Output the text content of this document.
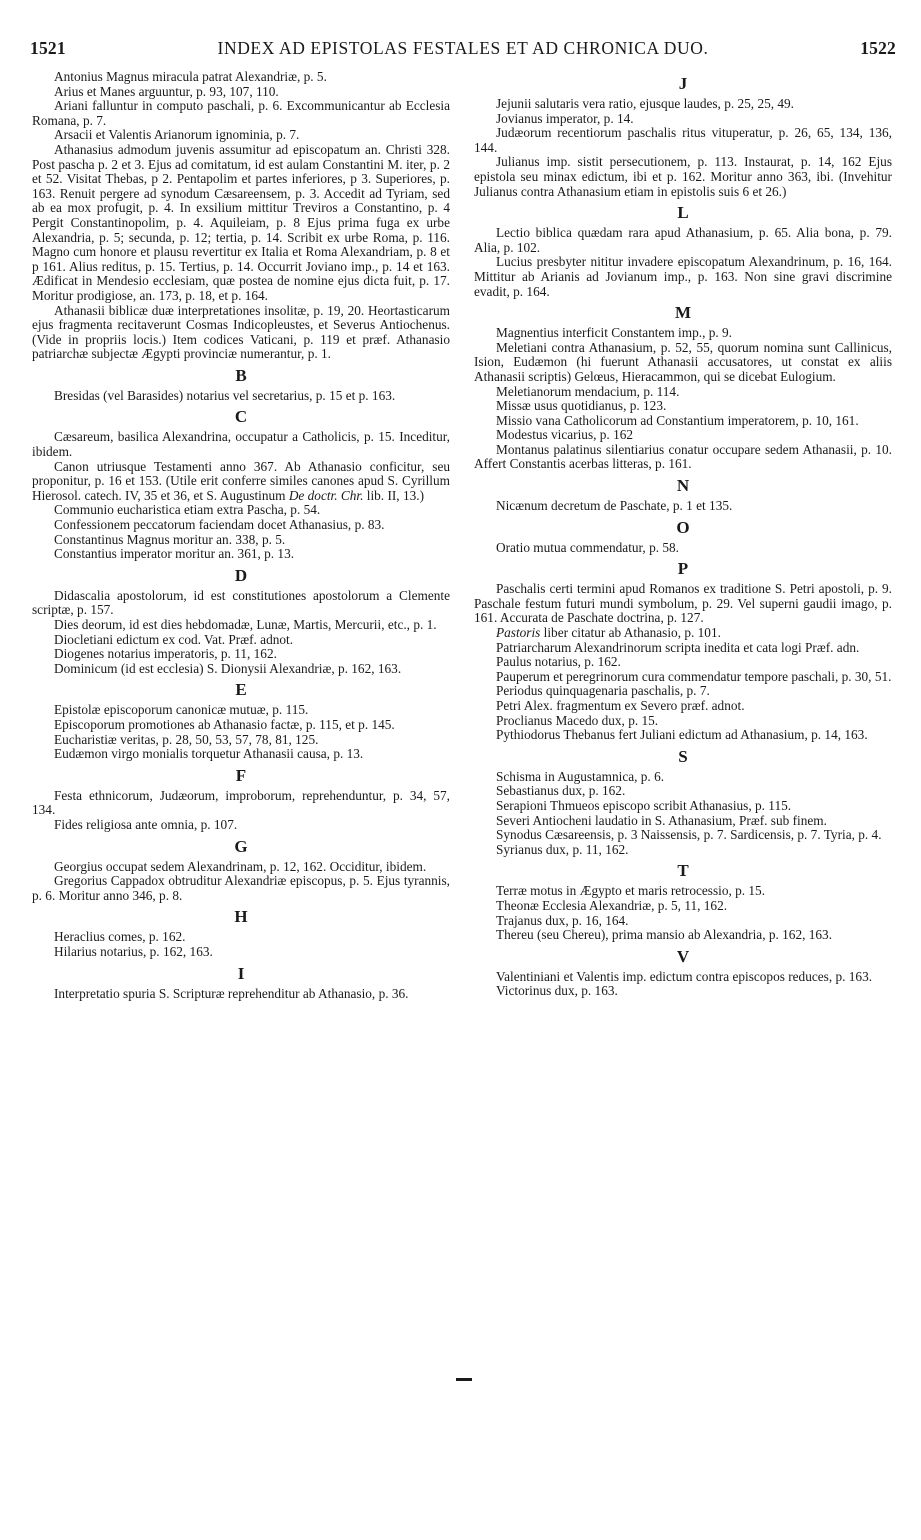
1521	INDEX AD EPISTOLAS FESTALES ET AD CHRONICA DUO.	1522

Antonius Magnus miracula patrat Alexandriæ, p. 5.

Arius et Manes arguuntur, p. 93, 107, 110.

Ariani falluntur in computo paschali, p. 6. Excommunicantur ab Ecclesia Romana, p. 7.

Arsacii et Valentis Arianorum ignominia, p. 7.

Athanasius admodum juvenis assumitur ad episcopatum an. Christi 328. Post pascha p. 2 et 3. Ejus ad comitatum, id est aulam Constantini M. iter, p. 2 et 52. Visitat Thebas, p 2. Pentapolim et partes inferiores, p 3. Superiores, p. 163. Renuit pergere ad synodum Cæsareensem, p. 3. Accedit ad Tyriam, sed ab ea mox profugit, p. 4. In exsilium mittitur Treviros a Constantino, p. 4 Pergit Constantinopolim, p. 4. Aquileiam, p. 8 Ejus prima fuga ex urbe Alexandria, p. 5; secunda, p. 12; tertia, p. 14. Scribit ex urbe Roma, p. 116. Magno cum honore et plausu revertitur ex Italia et Roma Alexandriam, p. 8 et p 161. Alius reditus, p. 15. Tertius, p. 14. Occurrit Joviano imp., p. 14 et 163. Ædificat in Mendesio ecclesiam, quæ postea de nomine ejus dicta fuit, p. 17. Moritur prodigiose, an. 173, p. 18, et p. 164.

Athanasii biblicæ duæ interpretationes insolitæ, p. 19, 20. Heortasticarum ejus fragmenta recitaverunt Cosmas Indicopleustes, et Severus Antiochenus. (Vide in propriis locis.) Item codices Vaticani, p. 119 et præf. Athanasio patriarchæ subjectæ Ægypti provinciæ numerantur, p. 1.

B

Bresidas (vel Barasides) notarius vel secretarius, p. 15 et p. 163.

C

Cæsareum, basilica Alexandrina, occupatur a Catholicis, p. 15. Inceditur, ibidem.

Canon utriusque Testamenti anno 367. Ab Athanasio conficitur, seu proponitur, p. 16 et 153. (Utile erit conferre similes canones apud S. Cyrillum Hierosol. catech. IV, 35 et 36, et S. Augustinum De doctr. Chr. lib. II, 13.)

Communio eucharistica etiam extra Pascha, p. 54.

Confessionem peccatorum faciendam docet Athanasius, p. 83.

Constantinus Magnus moritur an. 338, p. 5.

Constantius imperator moritur an. 361, p. 13.

D

Didascalia apostolorum, id est constitutiones apostolorum a Clemente scriptæ, p. 157.

Dies deorum, id est dies hebdomadæ, Lunæ, Martis, Mercurii, etc., p. 1.

Diocletiani edictum ex cod. Vat. Præf. adnot.

Diogenes notarius imperatoris, p. 11, 162.

Dominicum (id est ecclesia) S. Dionysii Alexandriæ, p. 162, 163.

E

Epistolæ episcoporum canonicæ mutuæ, p. 115.

Episcoporum promotiones ab Athanasio factæ, p. 115, et p. 145.

Eucharistiæ veritas, p. 28, 50, 53, 57, 78, 81, 125.

Eudæmon virgo monialis torquetur Athanasii causa, p. 13.

F

Festa ethnicorum, Judæorum, improborum, reprehenduntur, p. 34, 57, 134.

Fides religiosa ante omnia, p. 107.

G

Georgius occupat sedem Alexandrinam, p. 12, 162. Occiditur, ibidem.

Gregorius Cappadox obtruditur Alexandriæ episcopus, p. 5. Ejus tyrannis, p. 6. Moritur anno 346, p. 8.

H

Heraclius comes, p. 162.

Hilarius notarius, p. 162, 163.

I

Interpretatio spuria S. Scripturæ reprehenditur ab Athanasio, p. 36.

J

Jejunii salutaris vera ratio, ejusque laudes, p. 25, 25, 49.

Jovianus imperator, p. 14.

Judæorum recentiorum paschalis ritus vituperatur, p. 26, 65, 134, 136, 144.

Julianus imp. sistit persecutionem, p. 113. Instaurat, p. 14, 162 Ejus epistola seu minax edictum, ibi et p. 162. Moritur anno 363, ibi. (Invehitur Julianus contra Athanasium etiam in epistolis suis 6 et 26.)

L

Lectio biblica quædam rara apud Athanasium, p. 65. Alia bona, p. 79. Alia, p. 102.

Lucius presbyter nititur invadere episcopatum Alexandrinum, p. 16, 164. Mittitur ab Arianis ad Jovianum imp., p. 163. Non sine gravi discrimine evadit, p. 164.

M

Magnentius interficit Constantem imp., p. 9.

Meletiani contra Athanasium, p. 52, 55, quorum nomina sunt Callinicus, Ision, Eudæmon (hi fuerunt Athanasii accusatores, ut constat ex aliis Athanasii scriptis) Gelœus, Hieracammon, qui se dicebat Eulogium.

Meletianorum mendacium, p. 114.

Missæ usus quotidianus, p. 123.

Missio vana Catholicorum ad Constantium imperatorem, p. 10, 161.

Modestus vicarius, p. 162

Montanus palatinus silentiarius conatur occupare sedem Athanasii, p. 10. Affert Constantis acerbas litteras, p. 161.

N

Nicænum decretum de Paschate, p. 1 et 135.

O

Oratio mutua commendatur, p. 58.

P

Paschalis certi termini apud Romanos ex traditione S. Petri apostoli, p. 9. Paschale festum futuri mundi symbolum, p. 29. Vel superni gaudii imago, p. 161. Accurata de Paschate doctrina, p. 127.

Pastoris liber citatur ab Athanasio, p. 101.

Patriarcharum Alexandrinorum scripta inedita et cata logi Præf. adn.

Paulus notarius, p. 162.

Pauperum et peregrinorum cura commendatur tempore paschali, p. 30, 51.

Periodus quinquagenaria paschalis, p. 7.

Petri Alex. fragmentum ex Severo præf. adnot.

Proclianus Macedo dux, p. 15.

Pythiodorus Thebanus fert Juliani edictum ad Athanasium, p. 14, 163.

S

Schisma in Augustamnica, p. 6.

Sebastianus dux, p. 162.

Serapioni Thmueos episcopo scribit Athanasius, p. 115.

Severi Antiocheni laudatio in S. Athanasium, Præf. sub finem.

Synodus Cæsareensis, p. 3 Naissensis, p. 7. Sardicensis, p. 7. Tyria, p. 4.

Syrianus dux, p. 11, 162.

T

Terræ motus in Ægypto et maris retrocessio, p. 15.

Theonæ Ecclesia Alexandriæ, p. 5, 11, 162.

Trajanus dux, p. 16, 164.

Thereu (seu Chereu), prima mansio ab Alexandria, p. 162, 163.

V

Valentiniani et Valentis imp. edictum contra episcopos reduces, p. 163.

Victorinus dux, p. 163.
